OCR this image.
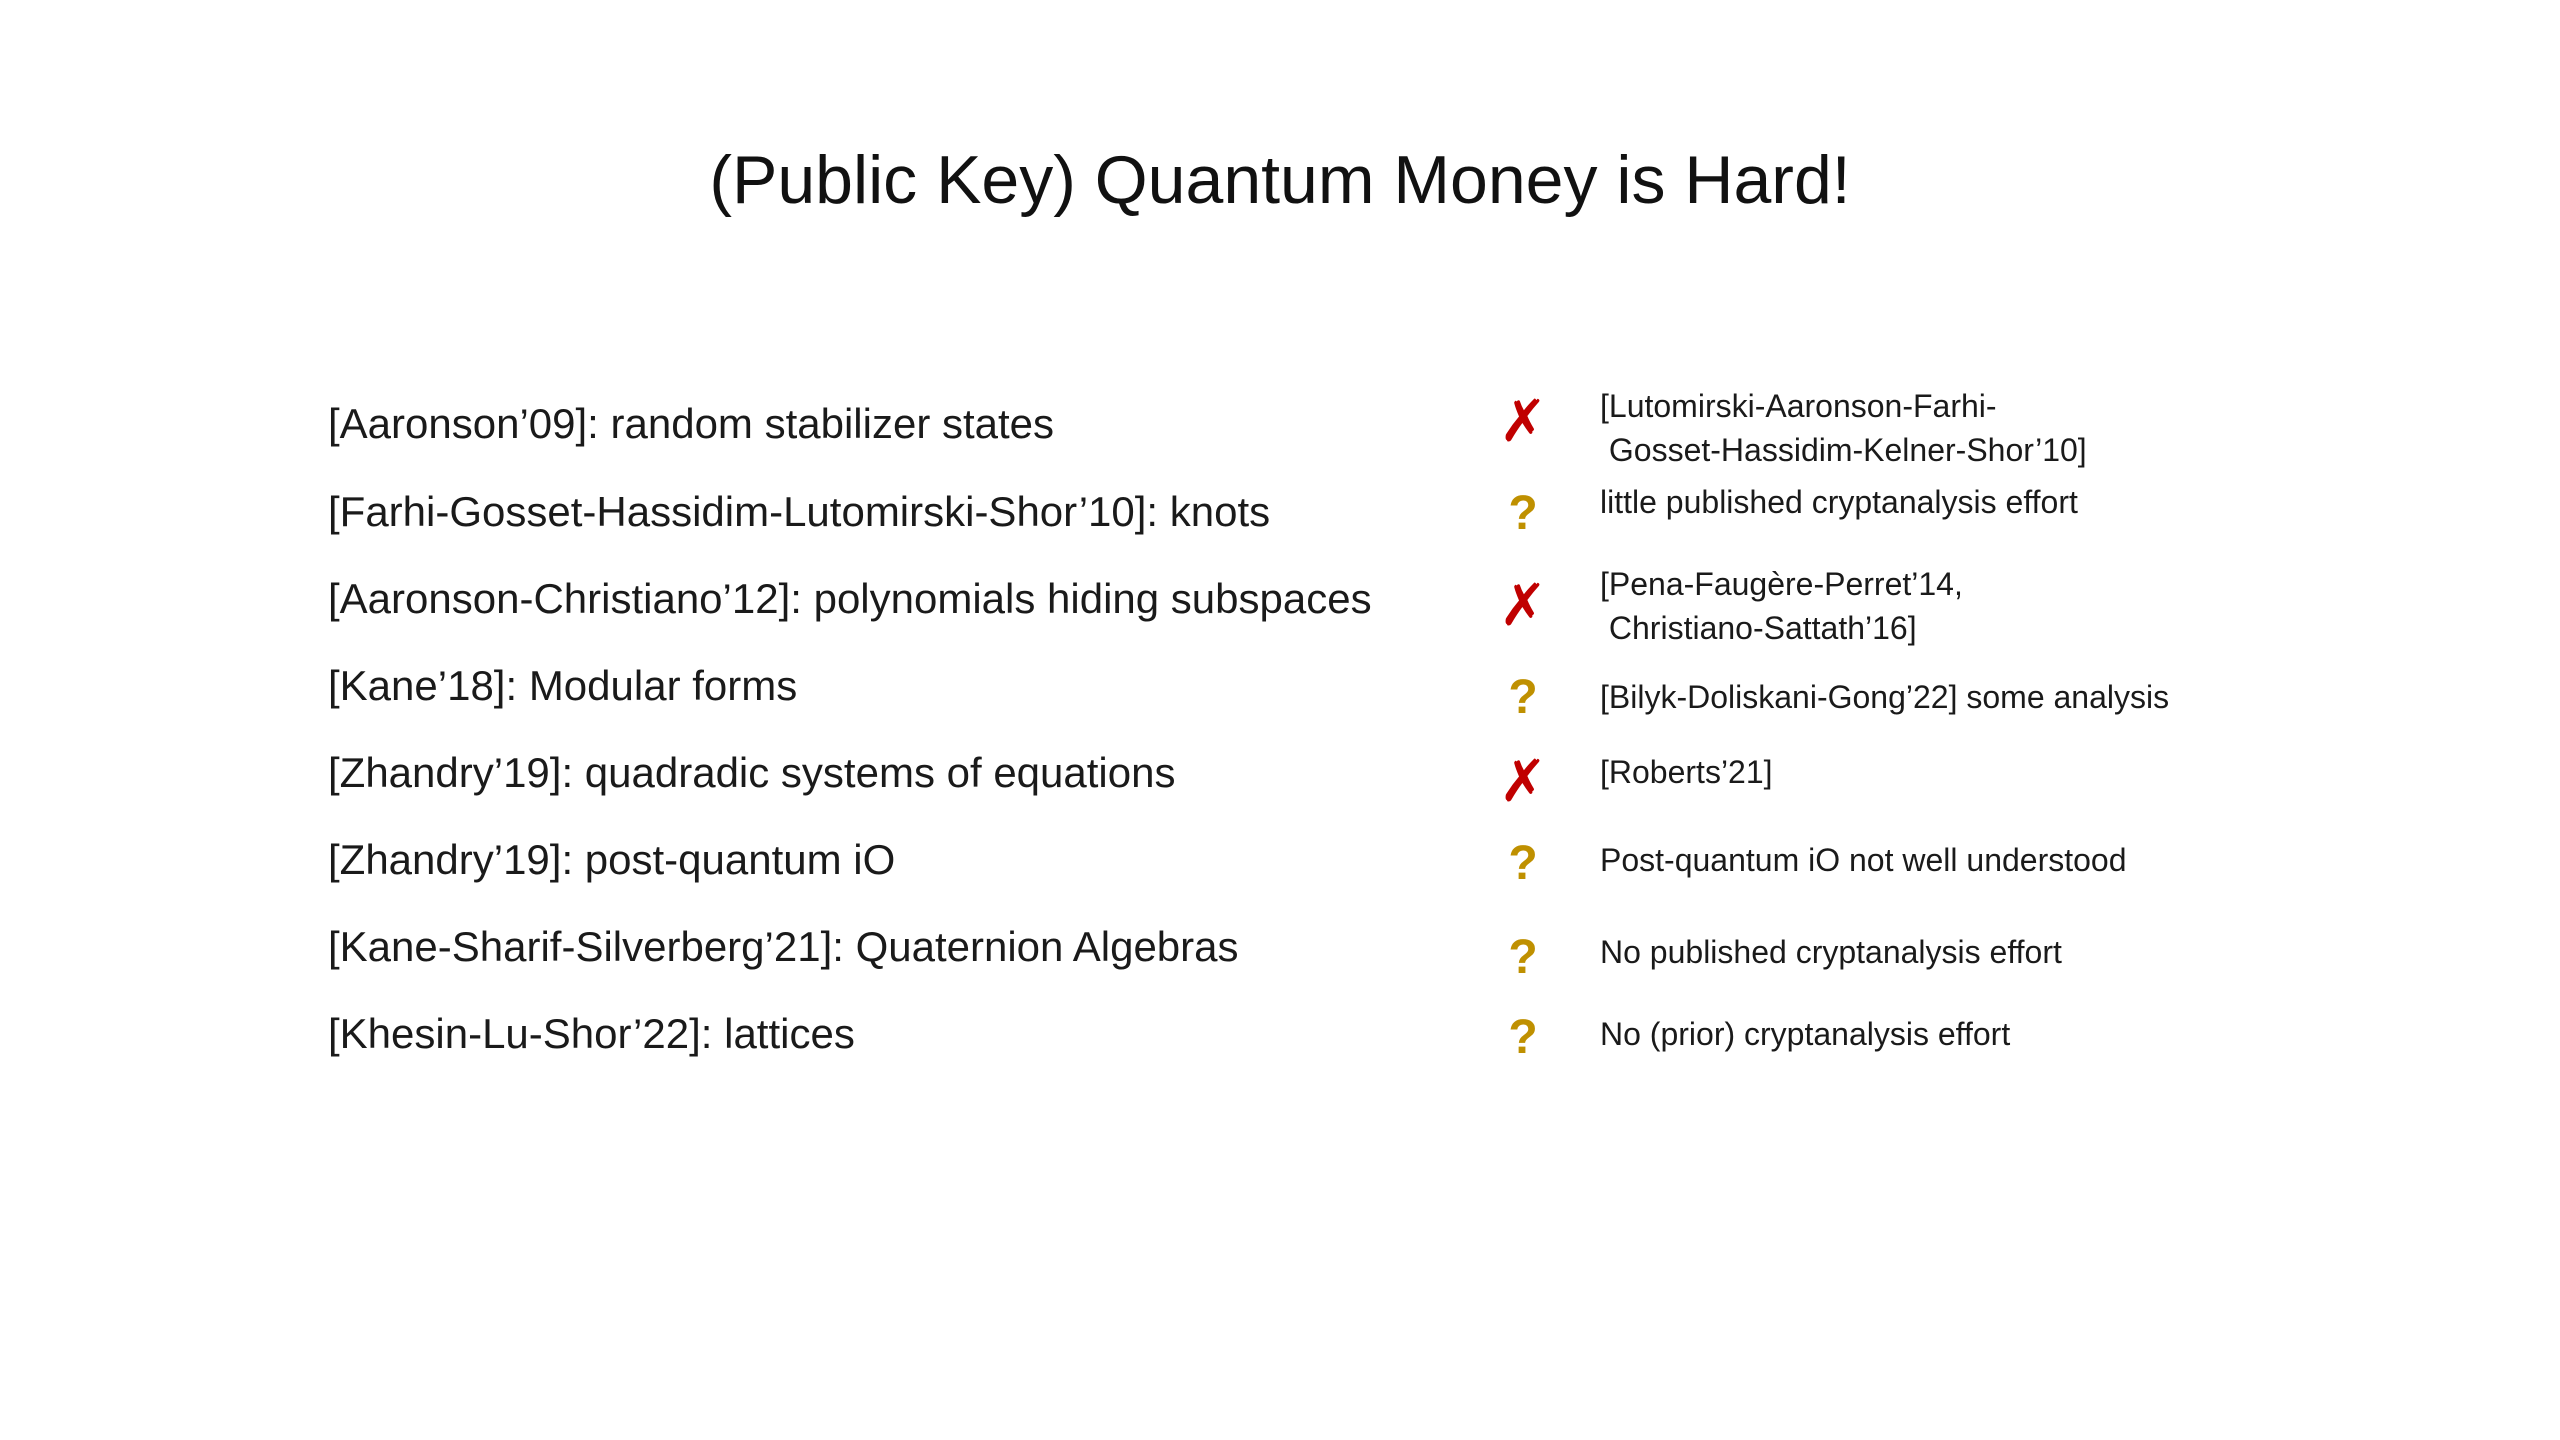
(Public Key) Quantum Money is Hard!
[Aaronson’09]: random stabilizer states	✗	[Lutomirski-Aaronson-Farhi-
Gosset-Hassidim-Kelner-Shor’10]
[Farhi-Gosset-Hassidim-Lutomirski-Shor’10]: knots	?	little published cryptanalysis effort
[Aaronson-Christiano’12]: polynomials hiding subspaces ✗	[Pena-Faugère-Perret’14,
Christiano-Sattath’16]
[Kane’18]: Modular forms	?	[Bilyk-Doliskani-Gong’22] some analysis
[Zhandry’19]: quadradic systems of equations	✗	[Roberts’21]
[Zhandry’19]: post-quantum iO	?	Post-quantum iO not well understood
[Kane-Sharif-Silverberg’21]: Quaternion Algebras	?	No published cryptanalysis effort
[Khesin-Lu-Shor’22]: lattices	?	No (prior) cryptanalysis effort
